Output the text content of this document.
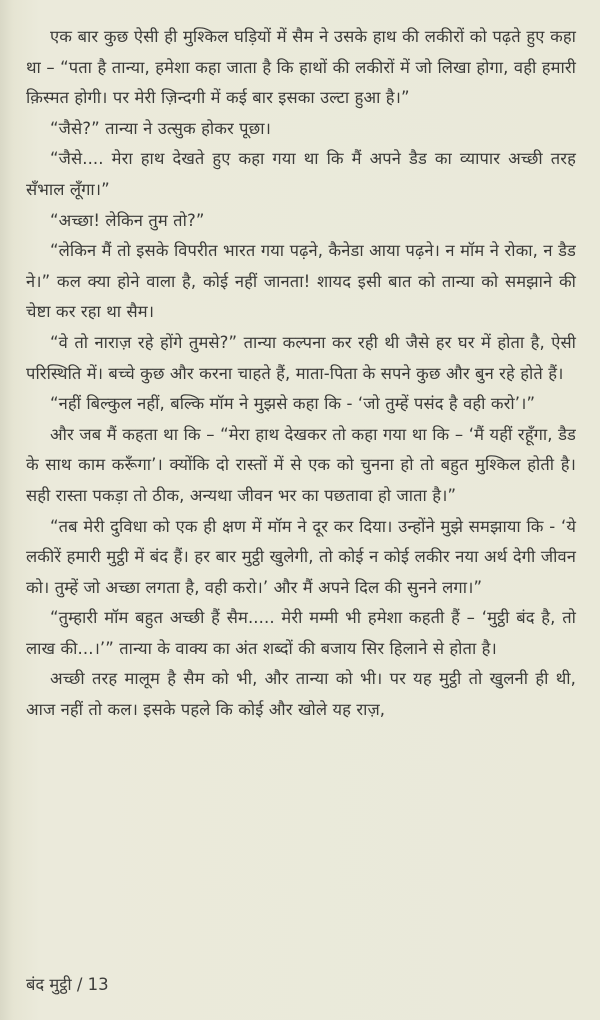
एक बार कुछ ऐसी ही मुश्किल घड़ियों में सैम ने उसके हाथ की लकीरों को पढ़ते हुए कहा था – “पता है तान्या, हमेशा कहा जाता है कि हाथों की लकीरों में जो लिखा होगा, वही हमारी क़िस्मत होगी। पर मेरी ज़िन्दगी में कई बार इसका उल्टा हुआ है।”

“जैसे?” तान्या ने उत्सुक होकर पूछा।

“जैसे.... मेरा हाथ देखते हुए कहा गया था कि मैं अपने डैड का व्यापार अच्छी तरह सँभाल लूँगा।”

“अच्छा! लेकिन तुम तो?”

“लेकिन मैं तो इसके विपरीत भारत गया पढ़ने, कैनेडा आया पढ़ने। न मॉम ने रोका, न डैड ने।” कल क्या होने वाला है, कोई नहीं जानता! शायद इसी बात को तान्या को समझाने की चेष्टा कर रहा था सैम।

“वे तो नाराज़ रहे होंगे तुमसे?” तान्या कल्पना कर रही थी जैसे हर घर में होता है, ऐसी परिस्थिति में। बच्चे कुछ और करना चाहते हैं, माता-पिता के सपने कुछ और बुन रहे होते हैं।

“नहीं बिल्कुल नहीं, बल्कि मॉम ने मुझसे कहा कि - ‘जो तुम्हें पसंद है वही करो’।”

और जब मैं कहता था कि – “मेरा हाथ देखकर तो कहा गया था कि – ‘मैं यहीं रहूँगा, डैड के साथ काम करूँगा’। क्योंकि दो रास्तों में से एक को चुनना हो तो बहुत मुश्किल होती है। सही रास्ता पकड़ा तो ठीक, अन्यथा जीवन भर का पछतावा हो जाता है।”

“तब मेरी दुविधा को एक ही क्षण में मॉम ने दूर कर दिया। उन्होंने मुझे समझाया कि - ‘ये लकीरें हमारी मुट्ठी में बंद हैं। हर बार मुट्ठी खुलेगी, तो कोई न कोई लकीर नया अर्थ देगी जीवन को। तुम्हें जो अच्छा लगता है, वही करो।’ और मैं अपने दिल की सुनने लगा।”

“तुम्हारी मॉम बहुत अच्छी हैं सैम..... मेरी मम्मी भी हमेशा कहती हैं – ‘मुट्ठी बंद है, तो लाख की...।’” तान्या के वाक्य का अंत शब्दों की बजाय सिर हिलाने से होता है।

अच्छी तरह मालूम है सैम को भी, और तान्या को भी। पर यह मुट्ठी तो खुलनी ही थी, आज नहीं तो कल। इसके पहले कि कोई और खोले यह राज़,

बंद मुट्ठी / 13
